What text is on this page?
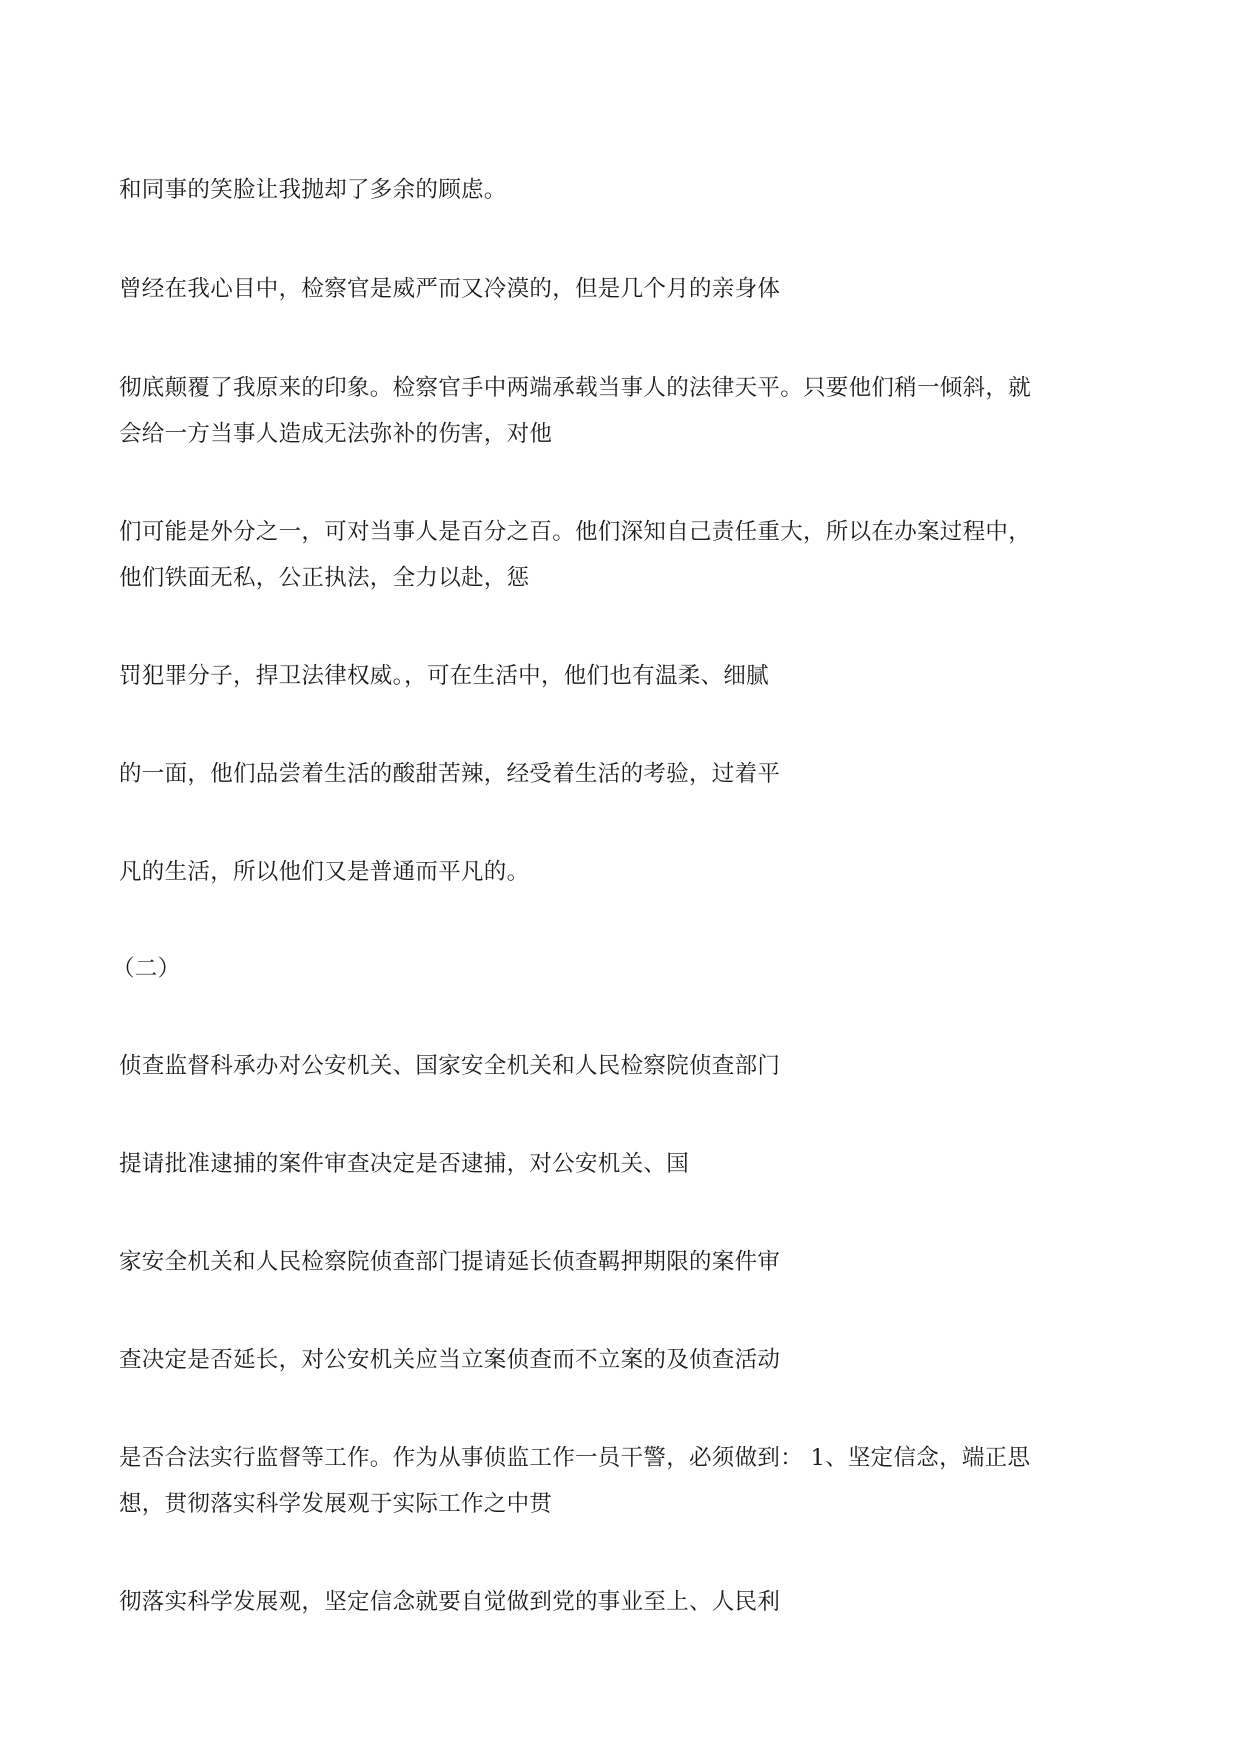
和同事的笑脸让我抛却了多余的顾虑。
曾经在我心目中，检察官是威严而又冷漠的，但是几个月的亲身体
彻底颠覆了我原来的印象。检察官手中两端承载当事人的法律天平。只要他们稍一倾斜，就
会给一方当事人造成无法弥补的伤害，对他
们可能是外分之一，可对当事人是百分之百。他们深知自己责任重大，所以在办案过程中，
他们铁面无私，公正执法，全力以赴，惩
罚犯罪分子，捍卫法律权威。，可在生活中，他们也有温柔、细腻
的一面，他们品尝着生活的酸甜苦辣，经受着生活的考验，过着平
凡的生活，所以他们又是普通而平凡的。
（二）
侦查监督科承办对公安机关、国家安全机关和人民检察院侦查部门
提请批准逮捕的案件审查决定是否逮捕，对公安机关、国
家安全机关和人民检察院侦查部门提请延长侦查羁押期限的案件审
查决定是否延长，对公安机关应当立案侦查而不立案的及侦查活动
是否合法实行监督等工作。作为从事侦监工作一员干警，必须做到： 1、坚定信念，端正思
想，贯彻落实科学发展观于实际工作之中贯
彻落实科学发展观，坚定信念就要自觉做到党的事业至上、人民利
